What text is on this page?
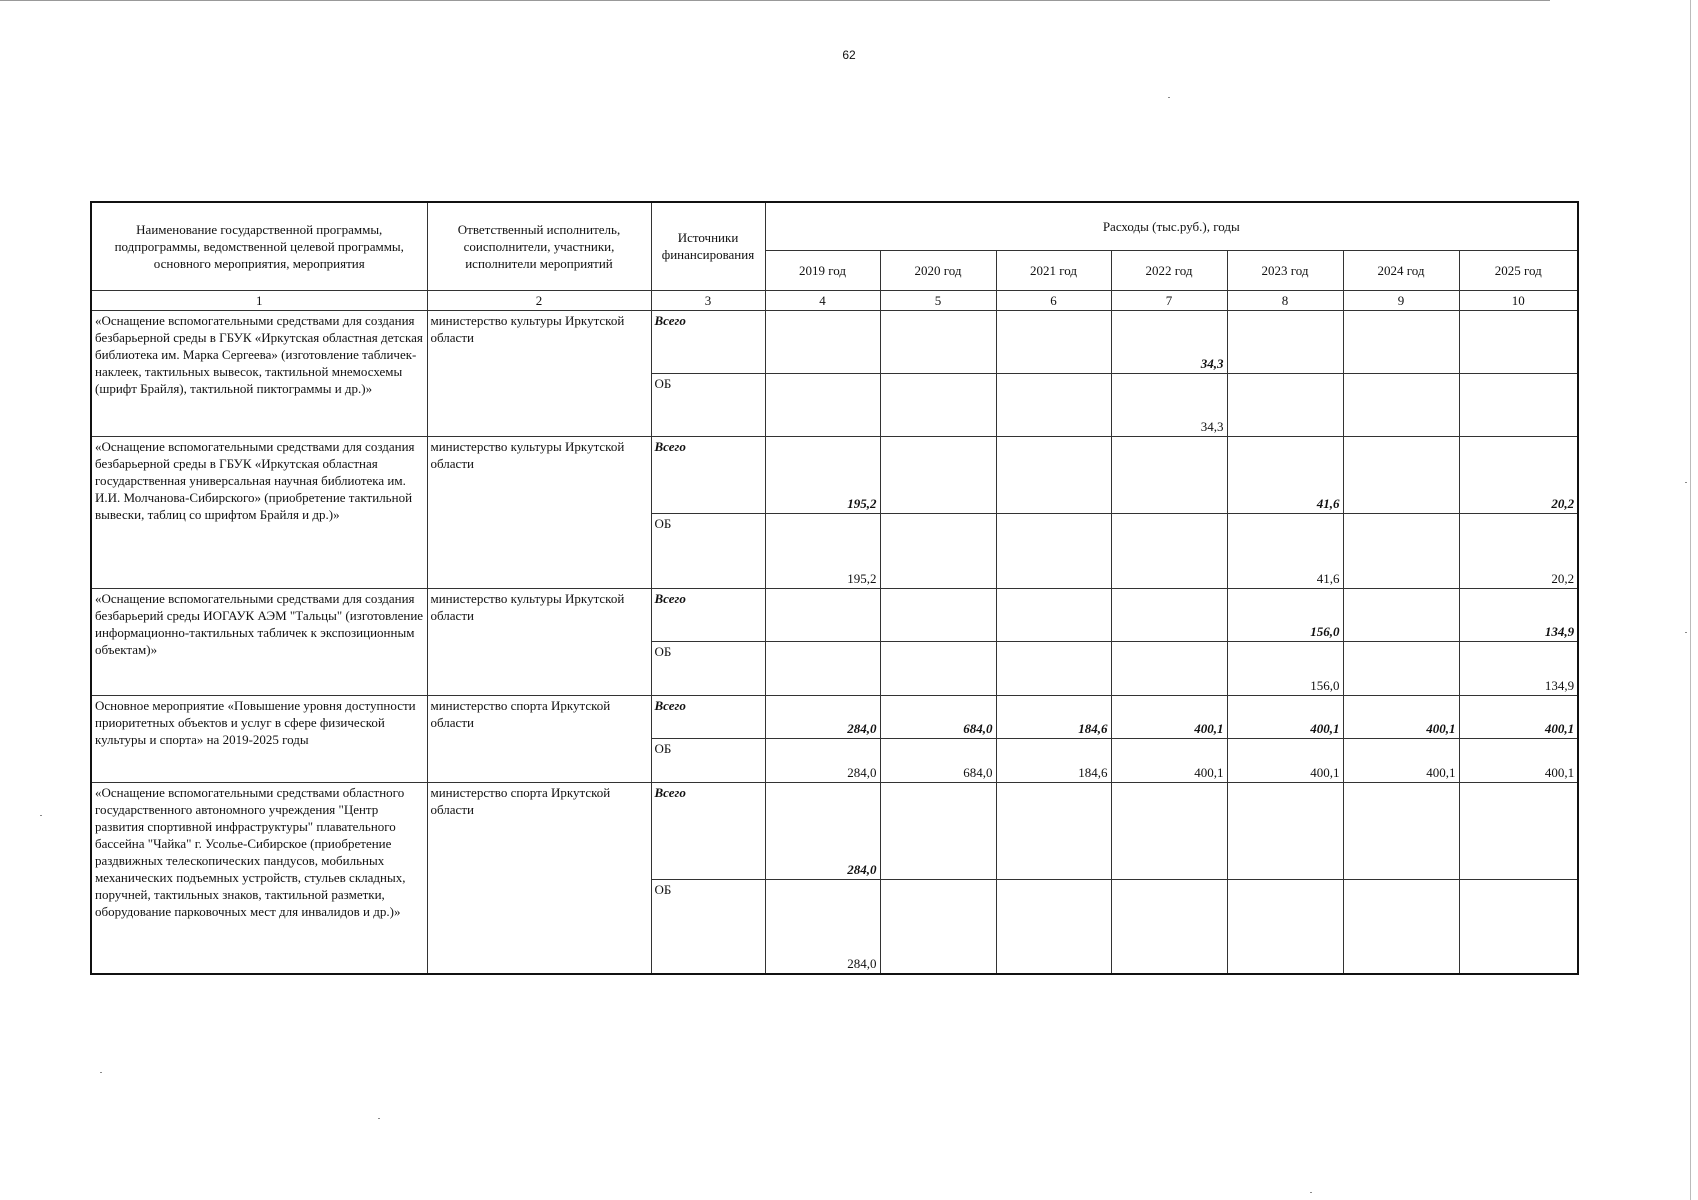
62
Наименование государственной программы, подпрограммы, ведомственной целевой программы, основного мероприятия, мероприятия	Ответственный исполнитель, соисполнители, участники, исполнители мероприятий	Источники финансирования	Расходы (тыс.руб.), годы						
			2019 год	2020 год	2021 год	2022 год	2023 год	2024 год	2025 год
1	2	3	4	5	6	7	8	9	10
«Оснащение вспомогательными средствами для создания безбарьерной среды в ГБУК «Иркутская областная детская библиотека им. Марка Сергеева» (изготовление табличек-наклеек, тактильных вывесок, тактильной мнемосхемы (шрифт Брайля), тактильной пиктограммы и др.)»	министерство культуры Иркутской области	Всего				34,3			
		ОБ				34,3			
«Оснащение вспомогательными средствами для создания безбарьерной среды в ГБУК «Иркутская областная государственная универсальная научная библиотека им. И.И. Молчанова-Сибирского» (приобретение тактильной вывески, таблиц со шрифтом Брайля и др.)»	министерство культуры Иркутской области	Всего	195,2				41,6		20,2
		ОБ	195,2				41,6		20,2
«Оснащение вспомогательными средствами для создания безбарьерий среды ИОГАУК АЭМ "Тальцы" (изготовление информационно-тактильных табличек к экспозиционным объектам)»	министерство культуры Иркутской области	Всего					156,0		134,9
		ОБ					156,0		134,9
Основное мероприятие «Повышение уровня доступности приоритетных объектов и услуг в сфере физической культуры и спорта» на 2019-2025 годы	министерство спорта Иркутской области	Всего	284,0	684,0	184,6	400,1	400,1	400,1	400,1
		ОБ	284,0	684,0	184,6	400,1	400,1	400,1	400,1
«Оснащение вспомогательными средствами областного государственного автономного учреждения "Центр развития спортивной инфраструктуры" плавательного бассейна "Чайка" г. Усолье-Сибирское (приобретение раздвижных телескопических пандусов, мобильных механических подъемных устройств, стульев складных, поручней, тактильных знаков, тактильной разметки, оборудование парковочных мест для инвалидов и др.)»	министерство спорта Иркутской области	Всего	284,0						
		ОБ	284,0						
